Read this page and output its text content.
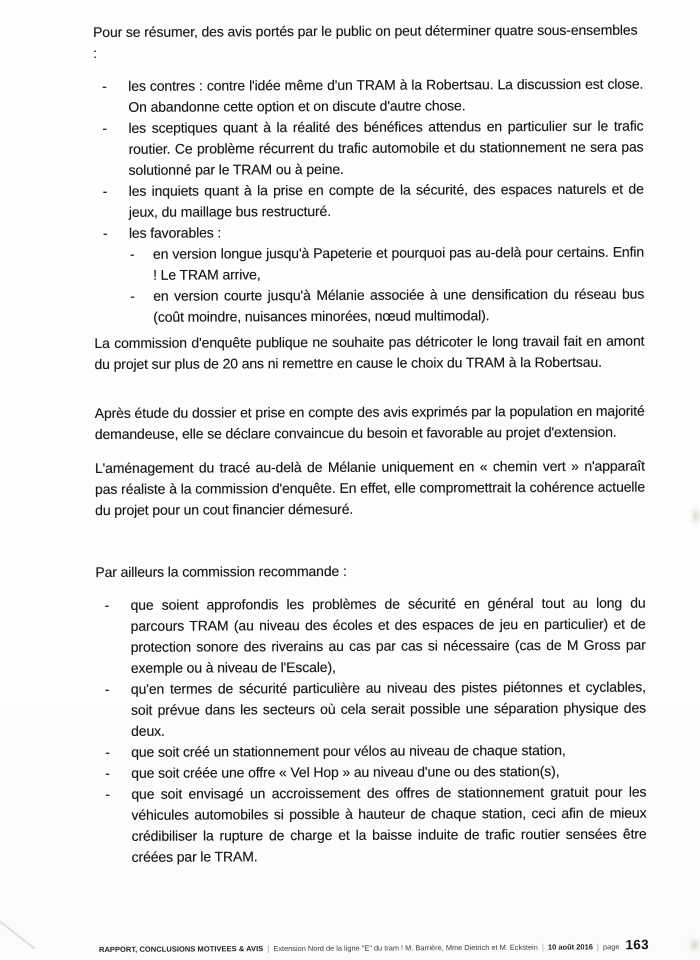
Pour se résumer, des avis portés par le public on peut déterminer quatre sous-ensembles :

-	les contres : contre l'idée même d'un TRAM à la Robertsau. La discussion est close. On abandonne cette option et on discute d'autre chose.
-	les sceptiques quant à la réalité des bénéfices attendus en particulier sur le trafic routier. Ce problème récurrent du trafic automobile et du stationnement ne sera pas solutionné par le TRAM ou à peine.
-	les inquiets quant à la prise en compte de la sécurité, des espaces naturels et de jeux, du maillage bus restructuré.
-	les favorables :
-	en version longue jusqu'à Papeterie et pourquoi pas au-delà pour certains. Enfin ! Le TRAM arrive,
-	en version courte jusqu'à Mélanie associée à une densification du réseau bus (coût moindre, nuisances minorées, nœud multimodal).

La commission d'enquête publique ne souhaite pas détricoter le long travail fait en amont du projet sur plus de 20 ans ni remettre en cause le choix du TRAM à la Robertsau.

Après étude du dossier et prise en compte des avis exprimés par la population en majorité demandeuse, elle se déclare convaincue du besoin et favorable au projet d'extension.

L'aménagement du tracé au-delà de Mélanie uniquement en « chemin vert » n'apparaît pas réaliste à la commission d'enquête. En effet, elle compromettrait la cohérence actuelle du projet pour un cout financier démesuré.

Par ailleurs la commission recommande :

-	que soient approfondis les problèmes de sécurité en général tout au long du parcours TRAM (au niveau des écoles et des espaces de jeu en particulier) et de protection sonore des riverains au cas par cas si nécessaire (cas de M Gross par exemple ou à niveau de l'Escale),
-	qu'en termes de sécurité particulière au niveau des pistes piétonnes et cyclables, soit prévue dans les secteurs où cela serait possible une séparation physique des deux.
-	que soit créé un stationnement pour vélos au niveau de chaque station,
-	que soit créée une offre « Vel Hop » au niveau d'une ou des station(s),
-	que soit envisagé un accroissement des offres de stationnement gratuit pour les véhicules automobiles si possible à hauteur de chaque station, ceci afin de mieux crédibiliser la rupture de charge et la baisse induite de trafic routier sensées être créées par le TRAM.
RAPPORT, CONCLUSIONS MOTIVEES & AVIS | Extension Nord de la ligne "E" du tram ! M. Barrière, Mme Dietrich et M. Eckstein | 10 août 2016 | page 163
